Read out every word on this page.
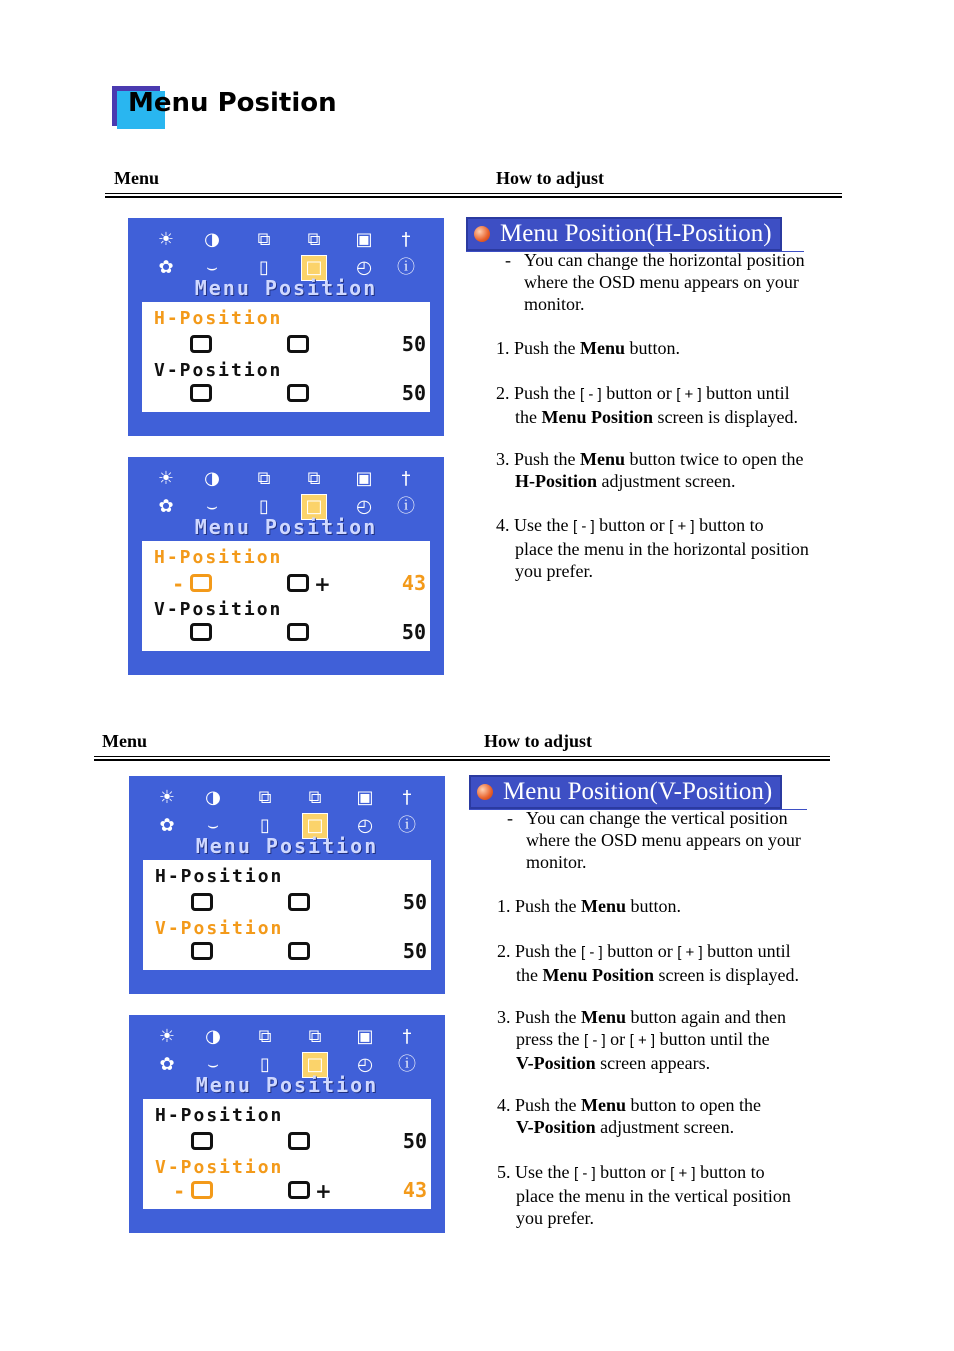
Menu Position
Menu	How to adjust
☀ ◑	⧉	⧉	▣	†
✿	⌣	▯	□ ◴ ⓘ
Menu Position
H-Position
50
V-Position
50
☀ ◑	⧉	⧉	▣	†
✿	⌣	▯	□ ◴ ⓘ
Menu Position
H-Position
-	+	43
V-Position
50
Menu Position(H-Position)
- You can change the horizontal position where the OSD menu appears on your monitor.
1. Push the Menu button.
2. Push the [ - ] button or [ + ] button until
the Menu Position screen is displayed.
3. Push the Menu button twice to open the
H-Position adjustment screen.
4. Use the [ - ] button or [ + ] button to
place the menu in the horizontal position
you prefer.
Menu	How to adjust
☀ ◑	⧉	⧉	▣	†
✿	⌣	▯	□ ◴ ⓘ
Menu Position
H-Position
50
V-Position
50
☀ ◑	⧉	⧉	▣	†
✿	⌣	▯	□ ◴ ⓘ
Menu Position
H-Position
50
V-Position
-	+	43
Menu Position(V-Position)
- You can change the vertical position where the OSD menu appears on your monitor.
1. Push the Menu button.
2. Push the [ - ] button or [ + ] button until
the Menu Position screen is displayed.
3. Push the Menu button again and then
press the [ - ] or [ + ] button until the
V-Position screen appears.
4. Push the Menu button to open the
V-Position adjustment screen.
5. Use the [ - ] button or [ + ] button to
place the menu in the vertical position
you prefer.
